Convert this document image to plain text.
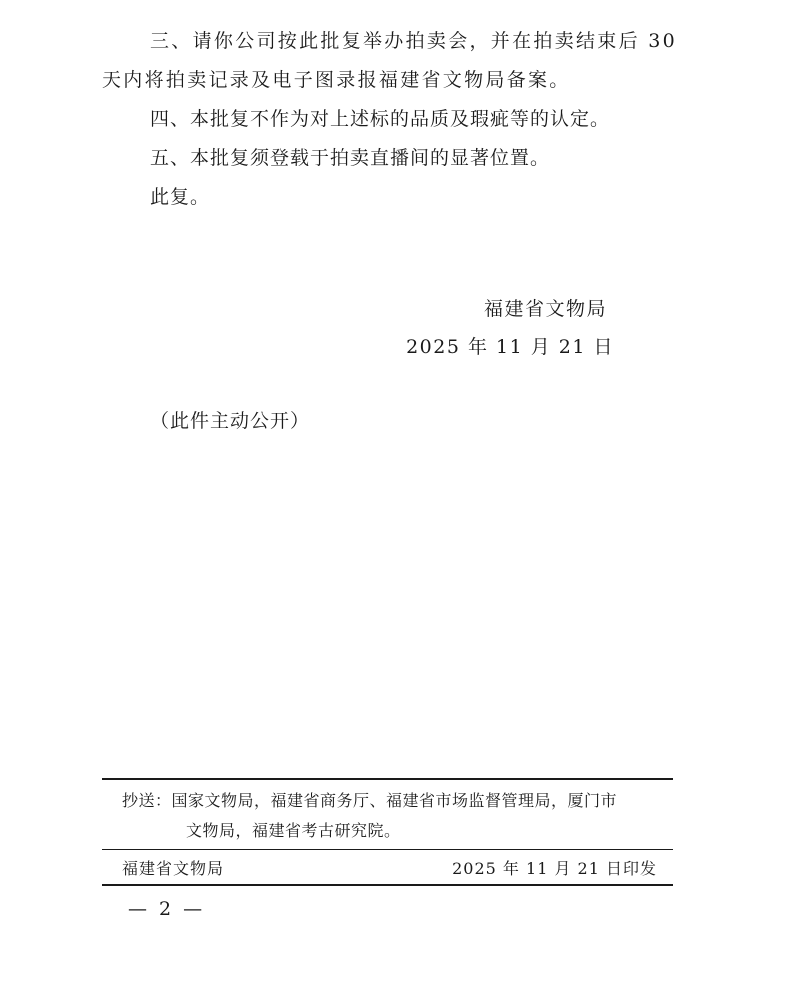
三、请你公司按此批复举办拍卖会，并在拍卖结束后 30 天内将拍卖记录及电子图录报福建省文物局备案。

四、本批复不作为对上述标的品质及瑕疵等的认定。

五、本批复须登载于拍卖直播间的显著位置。

此复。

福建省文物局
2025 年 11 月 21 日
（此件主动公开）
抄送：国家文物局，福建省商务厅、福建省市场监督管理局，厦门市
文物局，福建省考古研究院。
福建省文物局	2025 年 11 月 21 日印发
— 2 —
